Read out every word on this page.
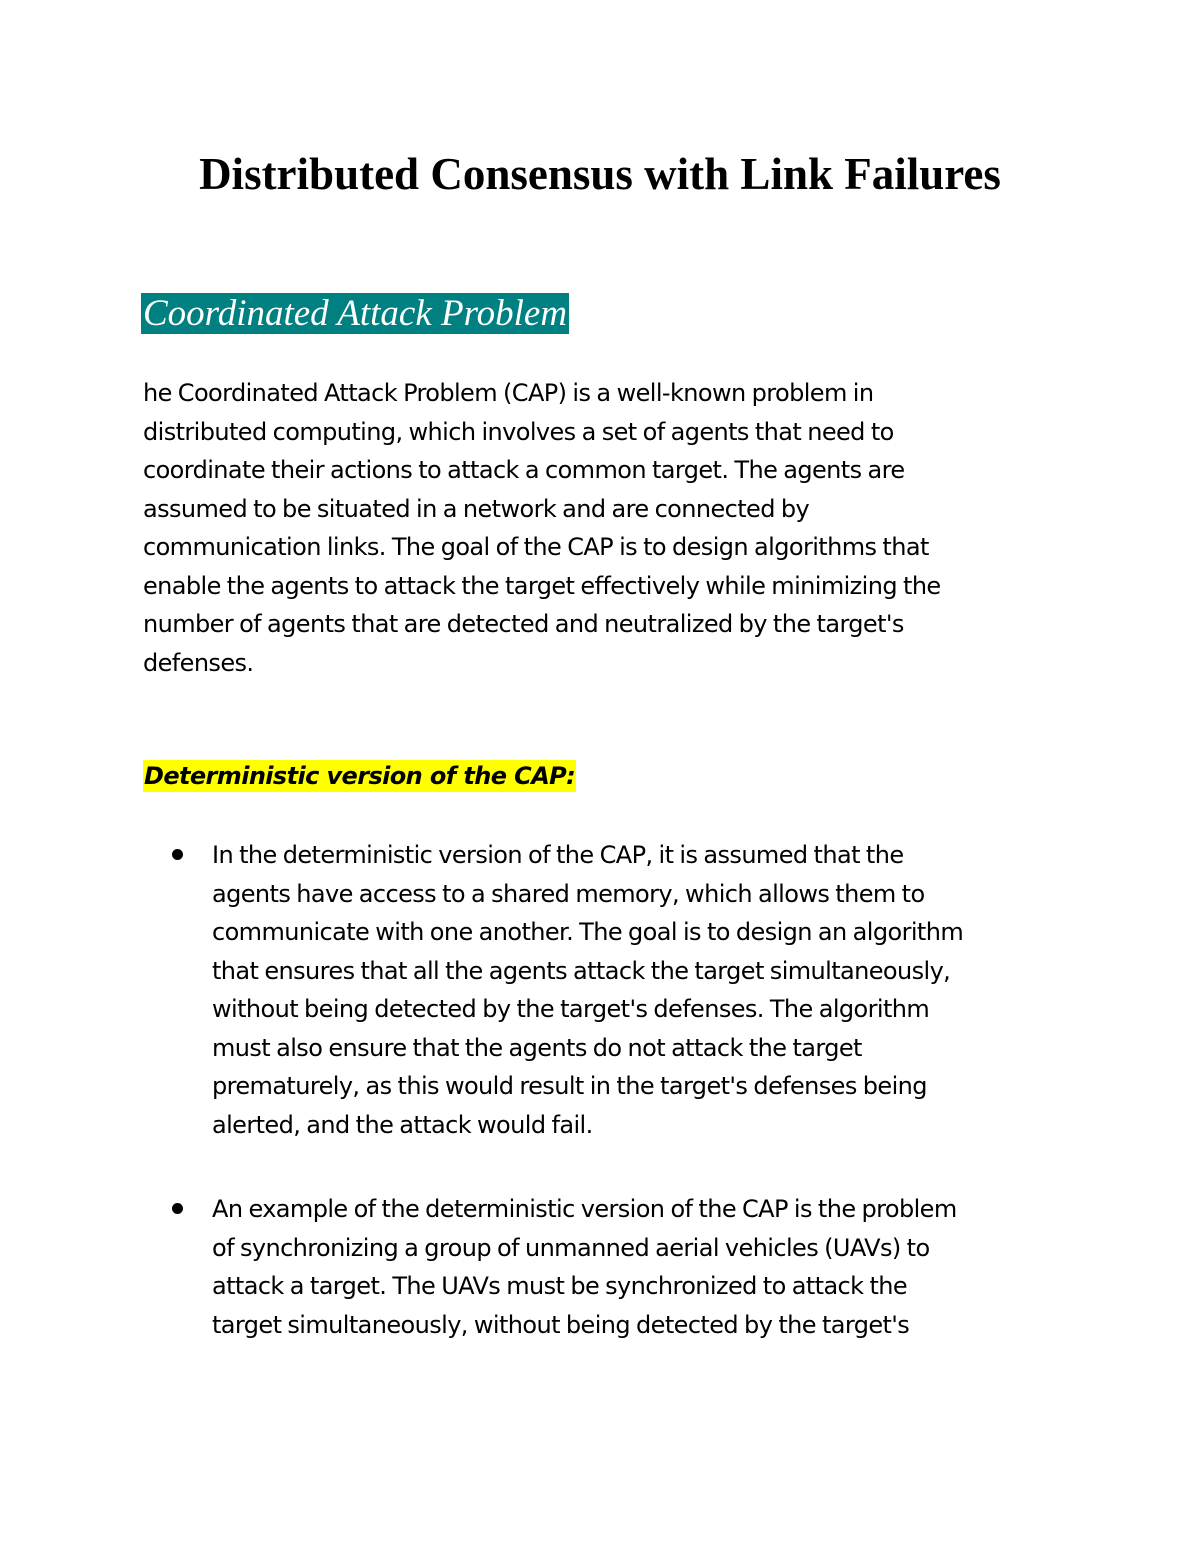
Distributed Consensus with Link Failures
Coordinated Attack Problem

he Coordinated Attack Problem (CAP) is a well-known problem in
distributed computing, which involves a set of agents that need to
coordinate their actions to attack a common target. The agents are
assumed to be situated in a network and are connected by
communication links. The goal of the CAP is to design algorithms that
enable the agents to attack the target effectively while minimizing the
number of agents that are detected and neutralized by the target's
defenses.

Deterministic version of the CAP:
In the deterministic version of the CAP, it is assumed that the
agents have access to a shared memory, which allows them to
communicate with one another. The goal is to design an algorithm
that ensures that all the agents attack the target simultaneously,
without being detected by the target's defenses. The algorithm
must also ensure that the agents do not attack the target
prematurely, as this would result in the target's defenses being
alerted, and the attack would fail.
An example of the deterministic version of the CAP is the problem
of synchronizing a group of unmanned aerial vehicles (UAVs) to
attack a target. The UAVs must be synchronized to attack the
target simultaneously, without being detected by the target's
